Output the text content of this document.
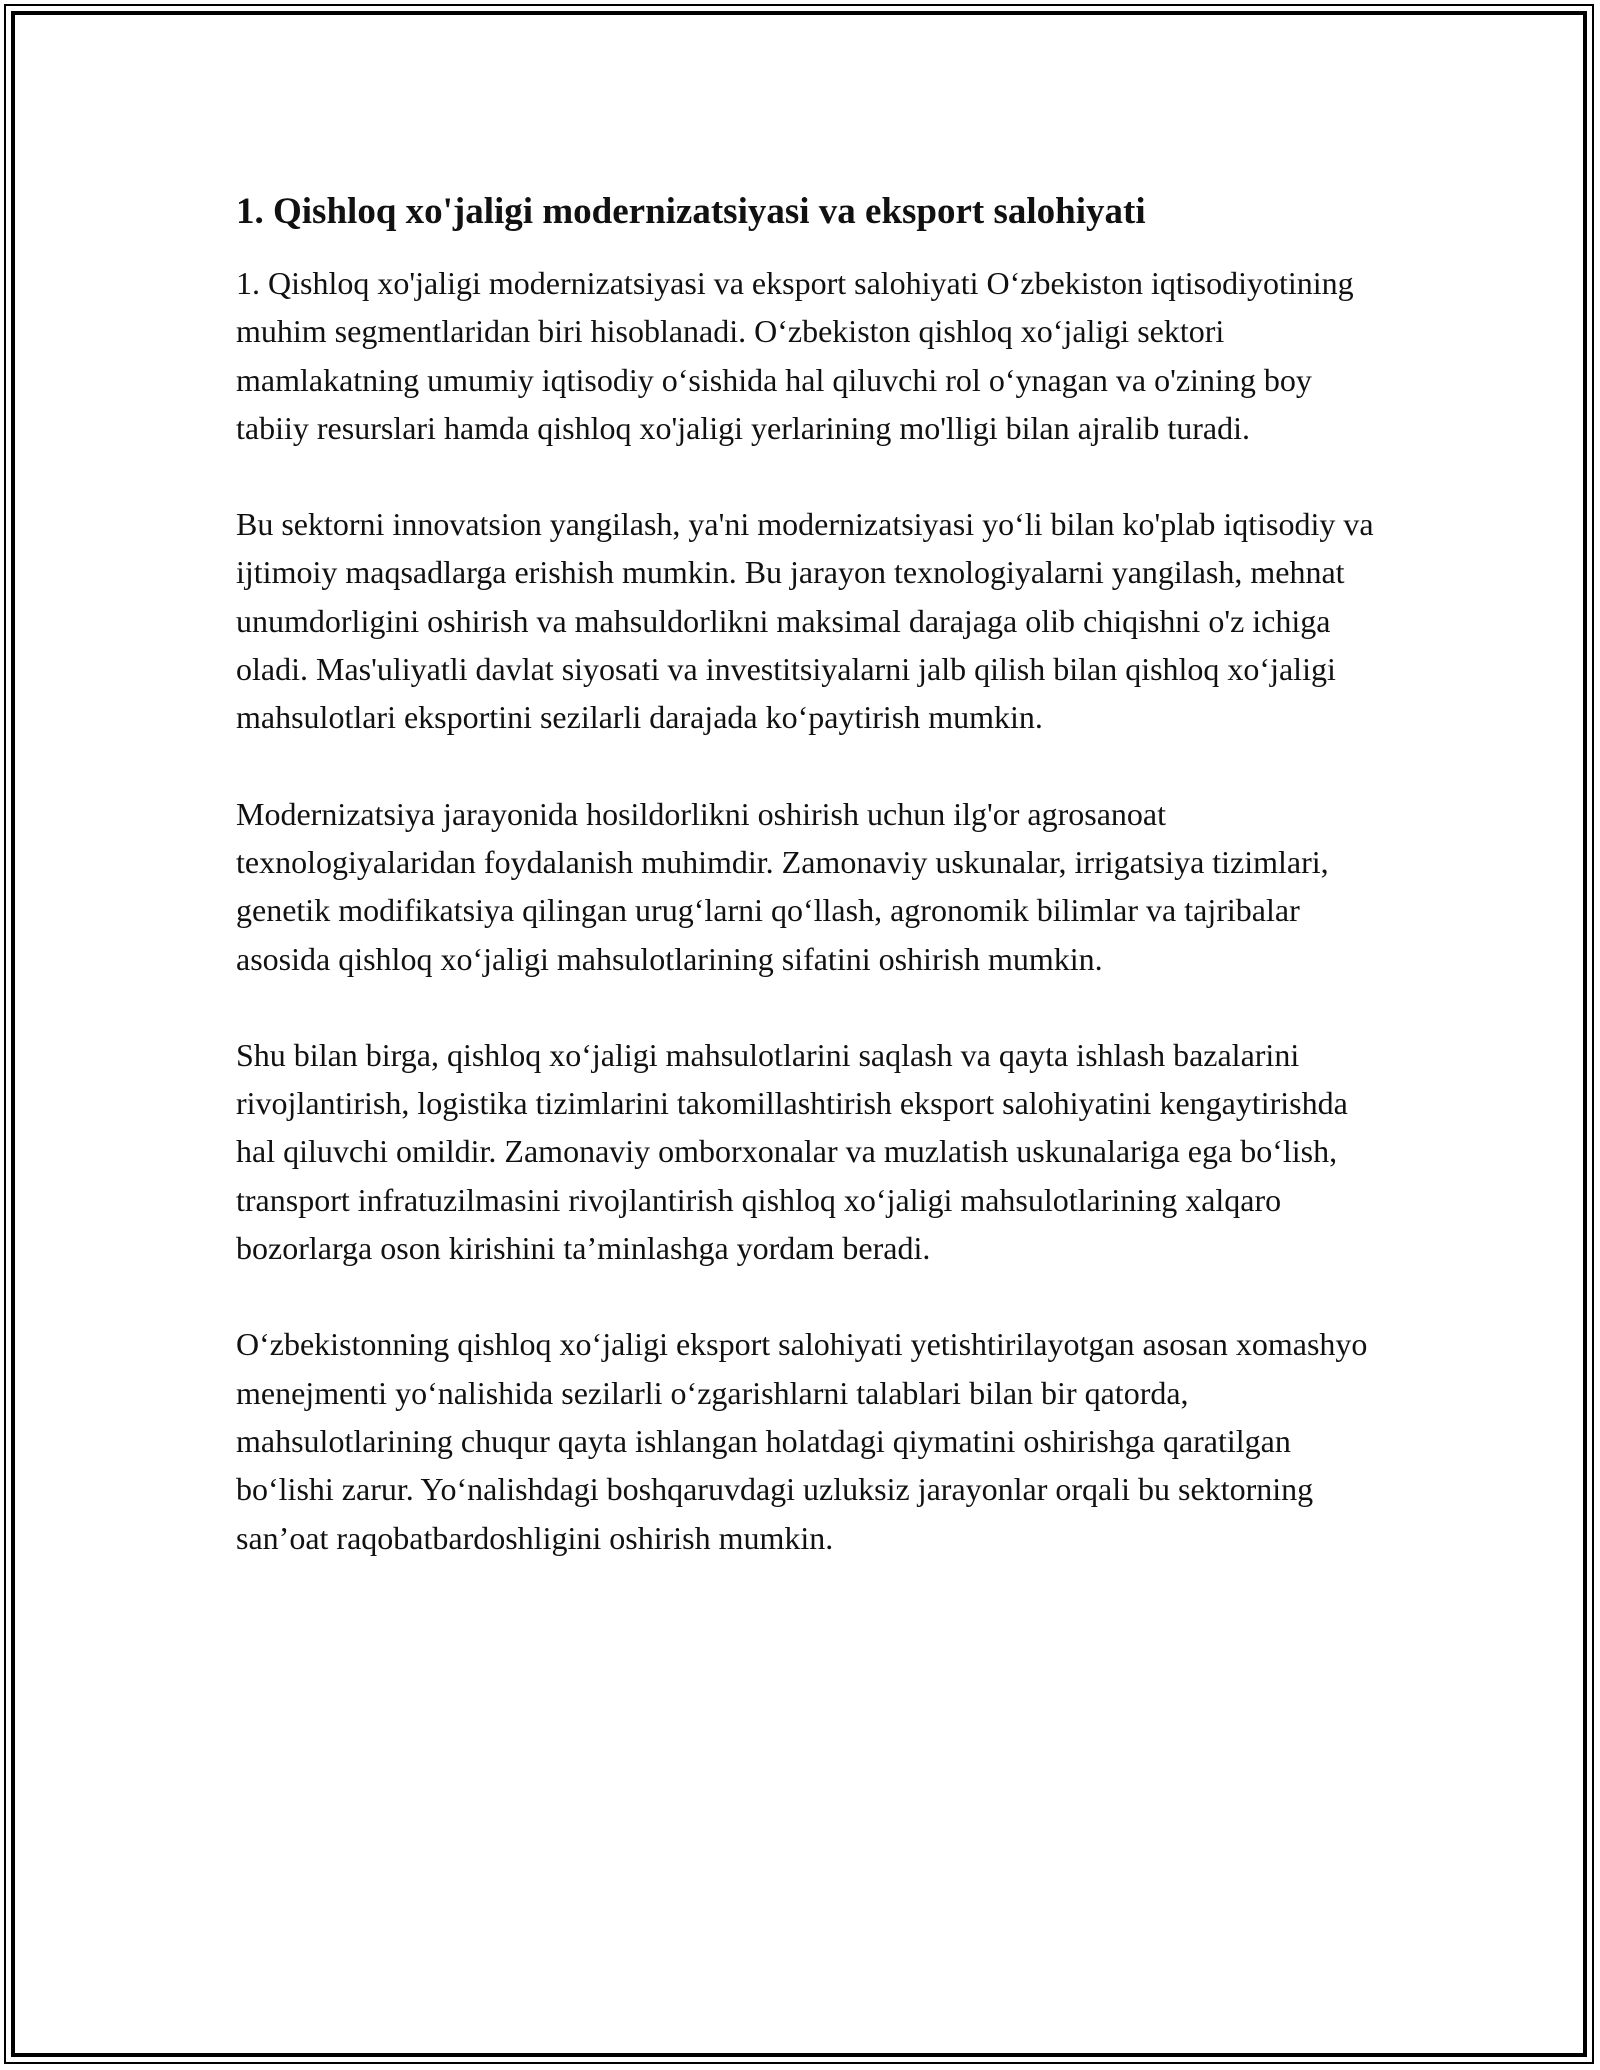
1. Qishloq xo'jaligi modernizatsiyasi va eksport salohiyati

1. Qishloq xo'jaligi modernizatsiyasi va eksport salohiyati O‘zbekiston iqtisodiyotining muhim segmentlaridan biri hisoblanadi. O‘zbekiston qishloq xo‘jaligi sektori mamlakatning umumiy iqtisodiy o‘sishida hal qiluvchi rol o‘ynagan va o'zining boy tabiiy resurslari hamda qishloq xo'jaligi yerlarining mo'lligi bilan ajralib turadi.

Bu sektorni innovatsion yangilash, ya'ni modernizatsiyasi yo‘li bilan ko'plab iqtisodiy va ijtimoiy maqsadlarga erishish mumkin. Bu jarayon texnologiyalarni yangilash, mehnat unumdorligini oshirish va mahsuldorlikni maksimal darajaga olib chiqishni o'z ichiga oladi. Mas'uliyatli davlat siyosati va investitsiyalarni jalb qilish bilan qishloq xo‘jaligi mahsulotlari eksportini sezilarli darajada ko‘paytirish mumkin.

Modernizatsiya jarayonida hosildorlikni oshirish uchun ilg'or agrosanoat texnologiyalaridan foydalanish muhimdir. Zamonaviy uskunalar, irrigatsiya tizimlari, genetik modifikatsiya qilingan urug‘larni qo‘llash, agronomik bilimlar va tajribalar asosida qishloq xo‘jaligi mahsulotlarining sifatini oshirish mumkin.

Shu bilan birga, qishloq xo‘jaligi mahsulotlarini saqlash va qayta ishlash bazalarini rivojlantirish, logistika tizimlarini takomillashtirish eksport salohiyatini kengaytirishda hal qiluvchi omildir. Zamonaviy omborxonalar va muzlatish uskunalariga ega bo‘lish, transport infratuzilmasini rivojlantirish qishloq xo‘jaligi mahsulotlarining xalqaro bozorlarga oson kirishini ta’minlashga yordam beradi.

O‘zbekistonning qishloq xo‘jaligi eksport salohiyati yetishtirilayotgan asosan xomashyo menejmenti yo‘nalishida sezilarli o‘zgarishlarni talablari bilan bir qatorda, mahsulotlarining chuqur qayta ishlangan holatdagi qiymatini oshirishga qaratilgan bo‘lishi zarur. Yo‘nalishdagi boshqaruvdagi uzluksiz jarayonlar orqali bu sektorning san’oat raqobatbardoshligini oshirish mumkin.
